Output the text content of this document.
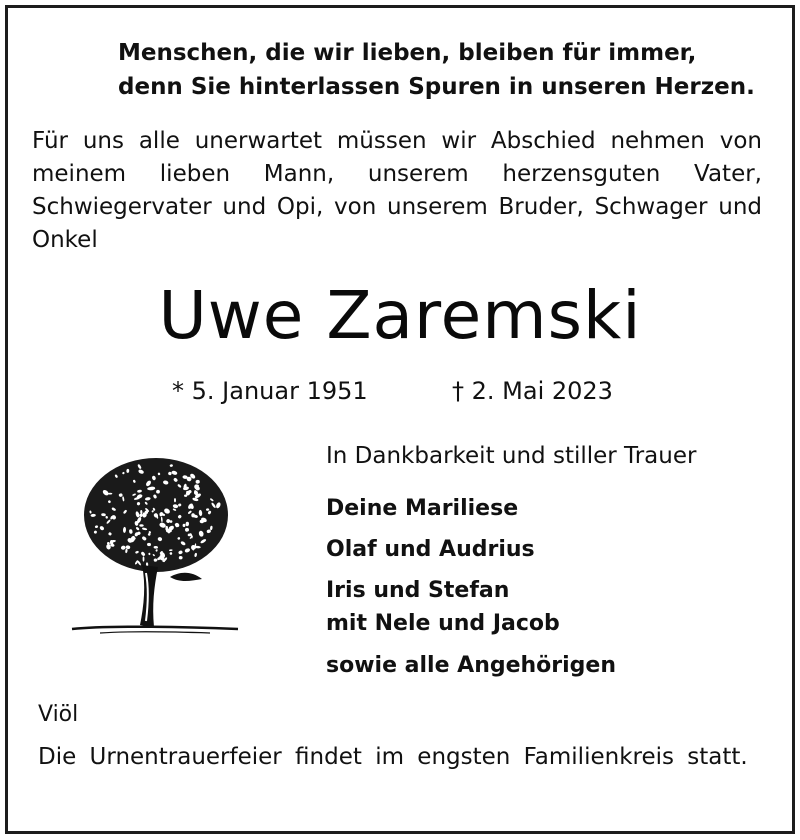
Menschen, die wir lieben, bleiben für immer,
denn Sie hinterlassen Spuren in unseren Herzen.
Für uns alle unerwartet müssen wir Abschied nehmen von meinem lieben Mann, unserem herzensguten Vater, Schwiegervater und Opi, von unserem Bruder, Schwager und Onkel
Uwe Zaremski
* 5. Januar 1951	† 2. Mai 2023
In Dankbarkeit und stiller Trauer
Deine Mariliese
Olaf und Audrius
Iris und Stefan
mit Nele und Jacob
sowie alle Angehörigen
Viöl
Die Urnentrauerfeier findet im engsten Familienkreis statt.
